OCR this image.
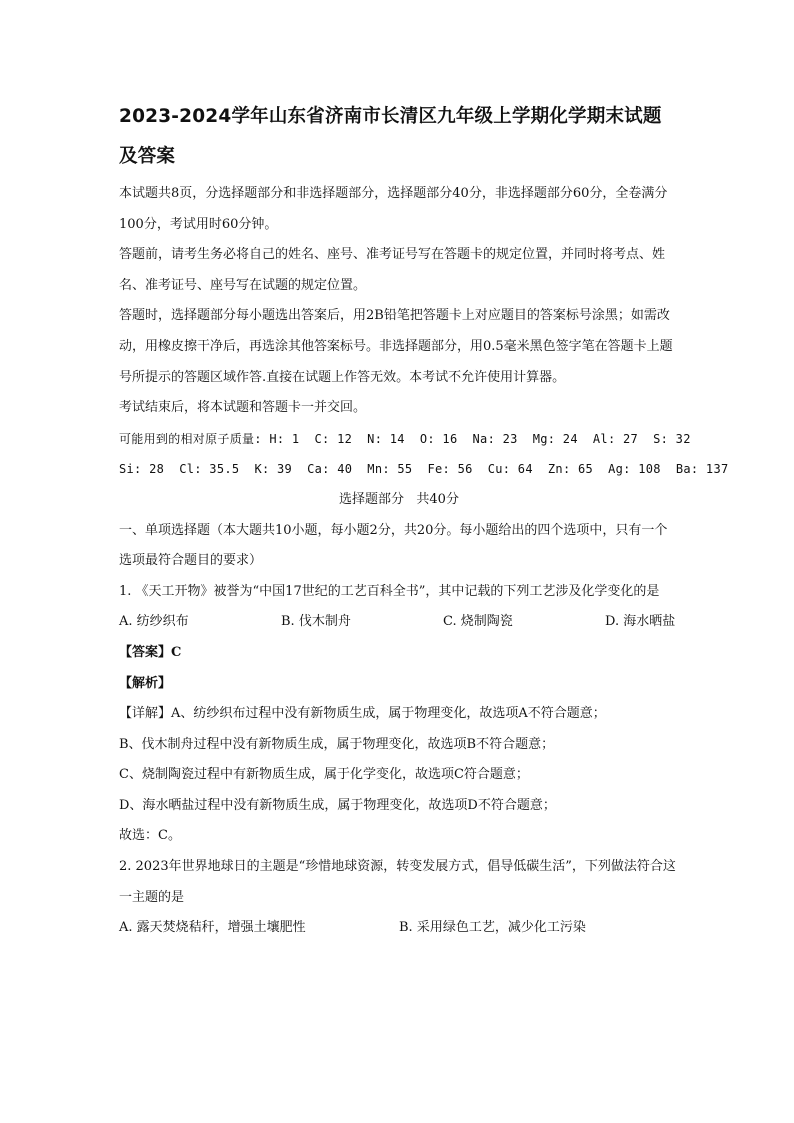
2023-2024学年山东省济南市长清区九年级上学期化学期末试题及答案

本试题共8页，分选择题部分和非选择题部分，选择题部分40分，非选择题部分60分，全卷满分100分，考试用时60分钟。

答题前，请考生务必将自己的姓名、座号、准考证号写在答题卡的规定位置，并同时将考点、姓名、准考证号、座号写在试题的规定位置。

答题时，选择题部分每小题选出答案后，用2B铅笔把答题卡上对应题目的答案标号涂黑；如需改动，用橡皮擦干净后，再选涂其他答案标号。非选择题部分，用0.5毫米黑色签字笔在答题卡上题号所提示的答题区域作答.直接在试题上作答无效。本考试不允许使用计算器。

考试结束后，将本试题和答题卡一并交回。

可能用到的相对原子质量: H: 1  C: 12  N: 14  O: 16  Na: 23  Mg: 24  Al: 27  S: 32

Si: 28  Cl: 35.5  K: 39  Ca: 40  Mn: 55  Fe: 56  Cu: 64  Zn: 65  Ag: 108  Ba: 137

选择题部分   共40分

一、单项选择题（本大题共10小题，每小题2分，共20分。每小题给出的四个选项中，只有一个选项最符合题目的要求）

1. 《天工开物》被誉为“中国17世纪的工艺百科全书”，其中记载的下列工艺涉及化学变化的是

A. 纺纱织布	B. 伐木制舟	C. 烧制陶瓷	D. 海水晒盐

【答案】C

【解析】

【详解】A、纺纱织布过程中没有新物质生成，属于物理变化，故选项A不符合题意；

B、伐木制舟过程中没有新物质生成，属于物理变化，故选项B不符合题意；

C、烧制陶瓷过程中有新物质生成，属于化学变化，故选项C符合题意；

D、海水晒盐过程中没有新物质生成，属于物理变化，故选项D不符合题意；

故选：C。

2. 2023年世界地球日的主题是“珍惜地球资源，转变发展方式，倡导低碳生活”，下列做法符合这一主题的是

A. 露天焚烧秸秆，增强土壤肥性	B. 采用绿色工艺，减少化工污染
